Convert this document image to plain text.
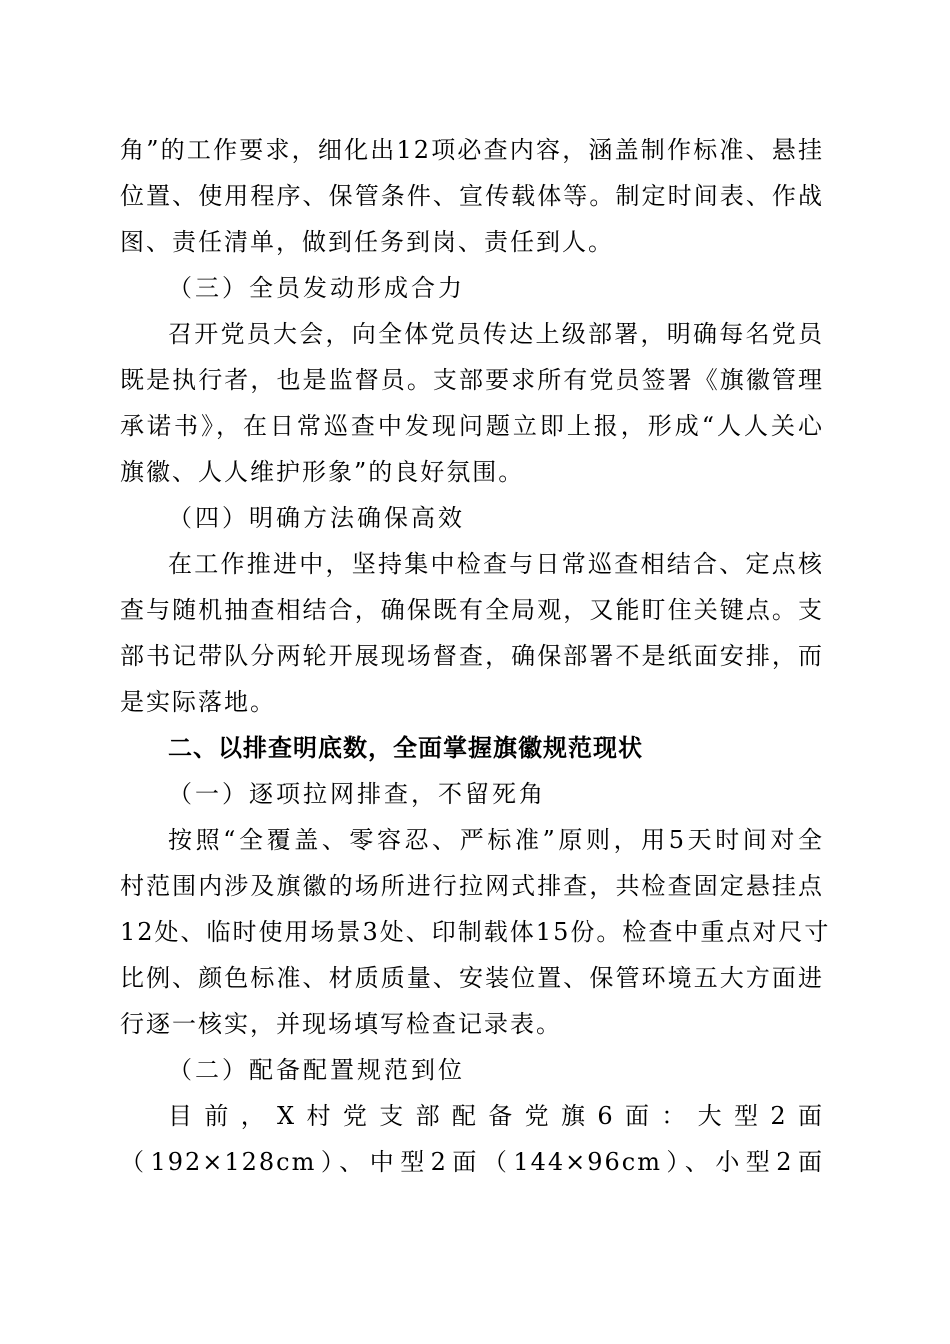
角”的工作要求，细化出12项必查内容，涵盖制作标准、悬挂
位置、使用程序、保管条件、宣传载体等。制定时间表、作战
图、责任清单，做到任务到岗、责任到人。
（三）全员发动形成合力
召开党员大会，向全体党员传达上级部署，明确每名党员
既是执行者，也是监督员。支部要求所有党员签署《旗徽管理
承诺书》，在日常巡查中发现问题立即上报，形成“人人关心
旗徽、人人维护形象”的良好氛围。
（四）明确方法确保高效
在工作推进中，坚持集中检查与日常巡查相结合、定点核
查与随机抽查相结合，确保既有全局观，又能盯住关键点。支
部书记带队分两轮开展现场督查，确保部署不是纸面安排，而
是实际落地。
二、以排查明底数，全面掌握旗徽规范现状
（一）逐项拉网排查，不留死角
按照“全覆盖、零容忍、严标准”原则，用5天时间对全
村范围内涉及旗徽的场所进行拉网式排查，共检查固定悬挂点
12处、临时使用场景3处、印制载体15份。检查中重点对尺寸
比例、颜色标准、材质质量、安装位置、保管环境五大方面进
行逐一核实，并现场填写检查记录表。
（二）配备配置规范到位
目前，X村党支部配备党旗6面：大型2面
（192×128cm）、中型2面（144×96cm）、小型2面
